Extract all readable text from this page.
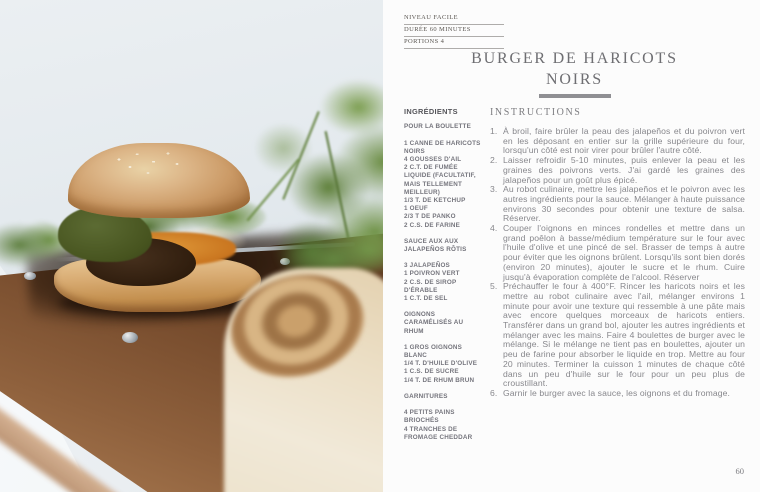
NIVEAU FACILE
DURÉE 60 MINUTES
PORTIONS 4
BURGER DE HARICOTS
NOIRS
INGRÉDIENTS
POUR LA BOULETTE
1 CANNE DE HARICOTS NOIRS
4 GOUSSES D'AIL
2 C.T. DE FUMÉE LIQUIDE (FACULTATIF, MAIS TELLEMENT MEILLEUR)
1/3 T. DE KETCHUP
1 OEUF
2/3 T DE PANKO
2 C.S. DE FARINE
SAUCE AUX AUX JALAPEÑOS RÔTIS
3 JALAPEÑOS
1 POIVRON VERT
2 C.S. DE SIROP D'ÉRABLE
1 C.T. DE SEL
OIGNONS CARAMÉLISÉS AU RHUM
1 GROS OIGNONS BLANC
1/4 T. D'HUILE D'OLIVE
1 C.S. DE SUCRE
1/4 T. DE RHUM BRUN
GARNITURES
4 PETITS PAINS BRIOCHÉS
4 TRANCHES DE FROMAGE CHEDDAR
INSTRUCTIONS
1. À broil, faire brûler la peau des jalapeños et du poivron vert en les déposant en entier sur la grille supérieure du four, lorsqu'un côté est noir virer pour brûler l'autre côté.
2. Laisser refroidir 5-10 minutes, puis enlever la peau et les graines des poivrons verts. J'ai gardé les graines des jalapeños pour un goût plus épicé.
3. Au robot culinaire, mettre les jalapeños et le poivron avec les autres ingrédients pour la sauce. Mélanger à haute puissance environs 30 secondes pour obtenir une texture de salsa. Réserver.
4. Couper l'oignons en minces rondelles et mettre dans un grand poêlon à basse/médium température sur le four avec l'huile d'olive et une pincé de sel. Brasser de temps à autre pour éviter que les oignons brûlent. Lorsqu'ils sont bien dorés (environ 20 minutes), ajouter le sucre et le rhum. Cuire jusqu'à évaporation complète de l'alcool. Réserver
5. Préchauffer le four à 400°F. Rincer les haricots noirs et les mettre au robot culinaire avec l'ail, mélanger environs 1 minute pour avoir une texture qui ressemble à une pâte mais avec encore quelques morceaux de haricots entiers. Transférer dans un grand bol, ajouter les autres ingrédients et mélanger avec les mains. Faire 4 boulettes de burger avec le mélange. Si le mélange ne tient pas en boulettes, ajouter un peu de farine pour absorber le liquide en trop. Mettre au four 20 minutes. Terminer la cuisson 1 minutes de chaque côté dans un peu d'huile sur le four pour un peu plus de croustillant.
6. Garnir le burger avec la sauce, les oignons et du fromage.
60
